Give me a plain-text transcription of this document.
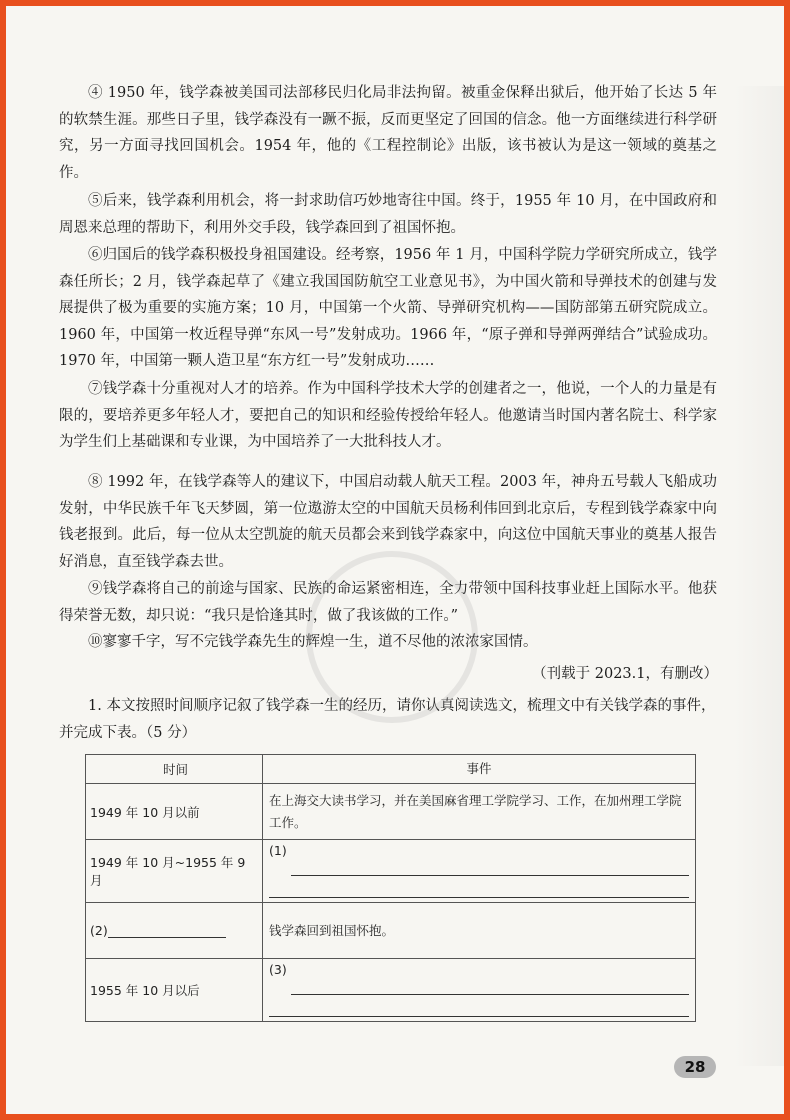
④ 1950 年，钱学森被美国司法部移民归化局非法拘留。被重金保释出狱后，他开始了长达 5 年的软禁生涯。那些日子里，钱学森没有一蹶不振，反而更坚定了回国的信念。他一方面继续进行科学研究，另一方面寻找回国机会。1954 年，他的《工程控制论》出版，该书被认为是这一领域的奠基之作。

⑤后来，钱学森利用机会，将一封求助信巧妙地寄往中国。终于，1955 年 10 月，在中国政府和周恩来总理的帮助下，利用外交手段，钱学森回到了祖国怀抱。

⑥归国后的钱学森积极投身祖国建设。经考察，1956 年 1 月，中国科学院力学研究所成立，钱学森任所长；2 月，钱学森起草了《建立我国国防航空工业意见书》，为中国火箭和导弹技术的创建与发展提供了极为重要的实施方案；10 月，中国第一个火箭、导弹研究机构——国防部第五研究院成立。1960 年，中国第一枚近程导弹“东风一号”发射成功。1966 年，“原子弹和导弹两弹结合”试验成功。1970 年，中国第一颗人造卫星“东方红一号”发射成功……

⑦钱学森十分重视对人才的培养。作为中国科学技术大学的创建者之一，他说，一个人的力量是有限的，要培养更多年轻人才，要把自己的知识和经验传授给年轻人。他邀请当时国内著名院士、科学家为学生们上基础课和专业课，为中国培养了一大批科技人才。

⑧ 1992 年，在钱学森等人的建议下，中国启动载人航天工程。2003 年，神舟五号载人飞船成功发射，中华民族千年飞天梦圆，第一位遨游太空的中国航天员杨利伟回到北京后，专程到钱学森家中向钱老报到。此后，每一位从太空凯旋的航天员都会来到钱学森家中，向这位中国航天事业的奠基人报告好消息，直至钱学森去世。

⑨钱学森将自己的前途与国家、民族的命运紧密相连，全力带领中国科技事业赶上国际水平。他获得荣誉无数，却只说：“我只是恰逢其时，做了我该做的工作。”

⑩寥寥千字，写不完钱学森先生的辉煌一生，道不尽他的浓浓家国情。

（刊载于 2023.1，有删改）

1. 本文按照时间顺序记叙了钱学森一生的经历，请你认真阅读选文，梳理文中有关钱学森的事件，并完成下表。（5 分）

时间	事件
1949 年 10 月以前	在上海交大读书学习，并在美国麻省理工学院学习、工作，在加州理工学院工作。
1949 年 10 月~1955 年 9 月	(1)

(2)	钱学森回到祖国怀抱。
1955 年 10 月以后	(3)
28
